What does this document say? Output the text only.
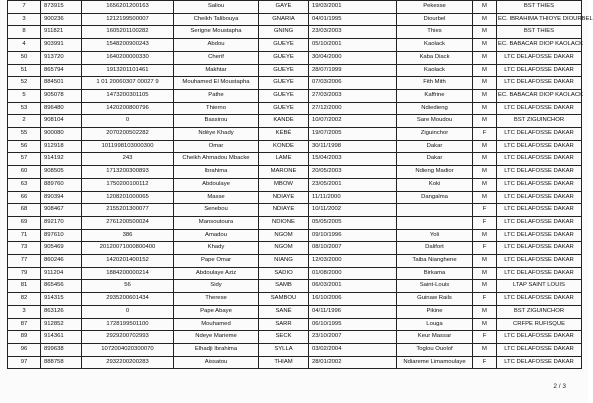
7	873915	1656201200163	Saliou	GAYE	19/03/2001	Pekesse	M	BST THIES
3	900236	1212199500007	Cheikh Talibouya	GNARIA	04/01/1995	Diourbel	M	EC. IBRAHIMA THIOYE DIOURBEL
8	911821	1605201100282	Serigne Moustapha	GNING	23/03/2003	Thies	M	BST THIES
4	903991	1548200900243	Abdou	GUEYE	05/10/2001	Kaolack	M	EC. BABACAR DIOP KAOLACK
50	913720	1640200000330	Cherif	GUEYE	30/04/2000	Kaba Diack	M	LTC DELAFOSSE DAKAR
51	865794	1913201101461	Makhtar	GUEYE	28/07/1999	Kaolack	M	LTC DELAFOSSE DAKAR
52	884501	1 01 20060307 00027 9	Mouhamed El Moustapha	GUEYE	07/03/2006	Fith Mith	M	LTC DELAFOSSE DAKAR
5	905078	1473200301105	Pathe	GUEYE	27/03/2003	Kaffrine	M	EC. BABACAR DIOP KAOLACK
53	896480	1420200800796	Thierno	GUEYE	27/12/2000	Ndiedieng	M	LTC DELAFOSSE DAKAR
2	908104	0	Bassirou	KANDE	10/07/2002	Sare Moudou	M	BST ZIGUINCHOR
55	900080	2070200502282	Ndèye Khady	KÉBÉ	19/07/2005	Ziguinchor	F	LTC DELAFOSSE DAKAR
56	912918	1011998103000300	Omar	KONDE	30/11/1998	Dakar	M	LTC DELAFOSSE DAKAR
57	914192	243	Cheikh Ahmadou Mbacke	LAME	15/04/2003	Dakar	M	LTC DELAFOSSE DAKAR
60	908505	1713200300893	Ibrahima	MARONE	20/05/2003	Ndieng Madior	M	LTC DELAFOSSE DAKAR
63	889760	1750200100112	Abdoulaye	MBOW	23/05/2001	Koki	M	LTC DELAFOSSE DAKAR
66	890394	1208201000065	Masse	NDIAYE	11/11/2000	Dangalma	M	LTC DELAFOSSE DAKAR
68	908467	2155201300077	Senebou	NDIAYE	10/11/2002		F	LTC DELAFOSSE DAKAR
69	892170	2761200500024	Mansoutoura	NDIONE	05/05/2005		F	LTC DELAFOSSE DAKAR
71	897610	386	Amadou	NGOM	09/10/1996	Yoli	M	LTC DELAFOSSE DAKAR
73	905469	20120071000800400	Khady	NGOM	08/10/2007	Dalifort	F	LTC DELAFOSSE DAKAR
77	860246	1420201400152	Pape Omar	NIANG	12/03/2000	Taiba Nianghene	M	LTC DELAFOSSE DAKAR
79	911204	1884200000214	Abdoulaye Aziz	SADIO	01/08/2000	Birkama	M	LTC DELAFOSSE DAKAR
81	865456	56	Sidy	SAMB	06/03/2001	Saint-Louis	M	LTAP SAINT LOUIS
82	914315	2935200601434	Therese	SAMBOU	16/10/2006	Guinaw Rails	F	LTC DELAFOSSE DAKAR
3	863126	0	Pape Abaye	SANÉ	04/11/1996	Pikine	M	BST ZIGUINCHOR
87	912852	1728199501100	Mouhamed	SARR	06/10/1995	Louga	M	CRFPE RUFISQUE
89	914361	2929200702993	Ndeye Marieme	SECK	23/10/2007	Keur Massar	F	LTC DELAFOSSE DAKAR
96	899638	1072004020300070	Elhadji Ibrahima	SYLLA	03/02/2004	Toglou Ouolof	M	LTC DELAFOSSE DAKAR
97	888758	2932200200283	Aissatou	THIAM	28/01/2002	Ndiareme Limamoulaye	F	LTC DELAFOSSE DAKAR
2 / 3
